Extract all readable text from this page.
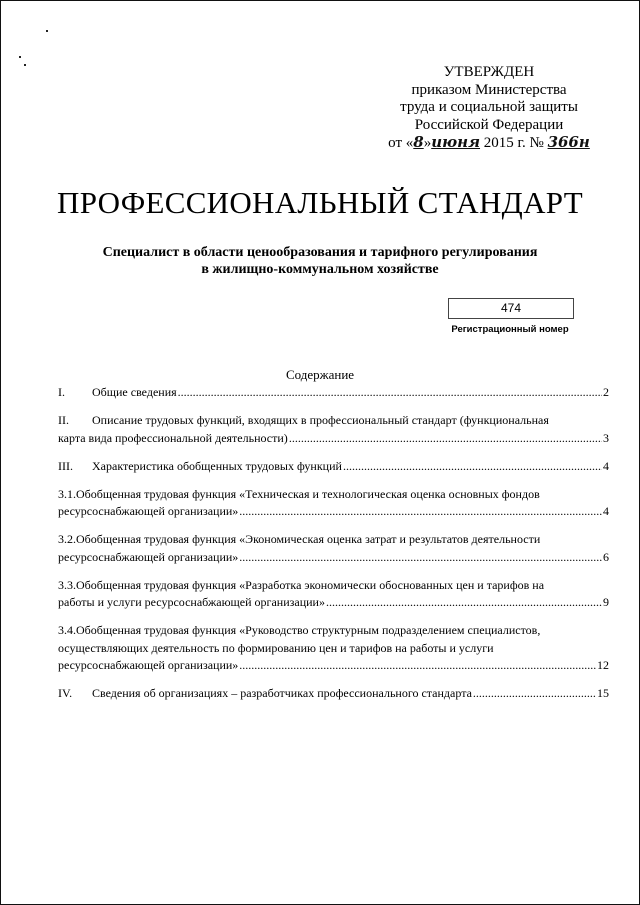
УТВЕРЖДЕН
приказом Министерства
труда и социальной защиты
Российской Федерации
от «8»июня 2015 г. № 366н
ПРОФЕССИОНАЛЬНЫЙ СТАНДАРТ
Специалист в области ценообразования и тарифного регулирования
в жилищно-коммунальном хозяйстве
474
Регистрационный номер
Содержание
I. Общие сведения .....	2
II. Описание трудовых функций, входящих в профессиональный стандарт (функциональная
карта вида профессиональной деятельности) .....	3
III. Характеристика обобщенных трудовых функций .....	4
3.1.Обобщенная трудовая функция «Техническая и технологическая оценка основных фондов
ресурсоснабжающей организации» .....	4
3.2.Обобщенная трудовая функция «Экономическая оценка затрат и результатов деятельности
ресурсоснабжающей организации» .....	6
3.3.Обобщенная трудовая функция «Разработка экономически обоснованных цен и тарифов на
работы и услуги ресурсоснабжающей организации» .....	9
3.4.Обобщенная трудовая функция «Руководство структурным подразделением специалистов,
осуществляющих деятельность по формированию цен и тарифов на работы и услуги
ресурсоснабжающей организации» .....	12
IV. Сведения об организациях – разработчиках профессионального стандарта .....	15
